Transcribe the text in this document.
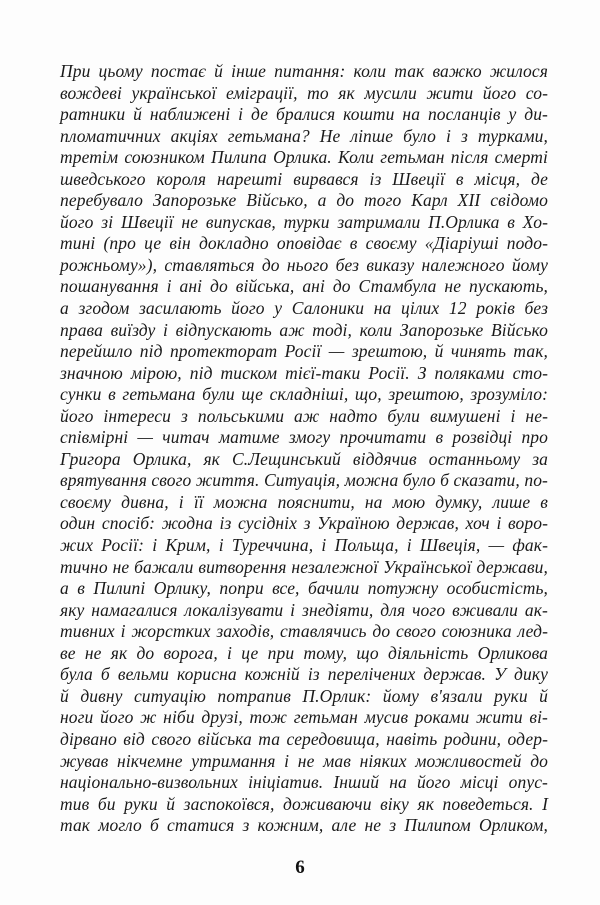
При цьому постає й інше питання: коли так важко жилося
вождеві української еміграції, то як мусили жити його со-
ратники й наближені і де бралися кошти на посланців у ди-
пломатичних акціях гетьмана? Не ліпше було і з турками,
третім союзником Пилипа Орлика. Коли гетьман після смерті
шведського короля нарешті вирвався із Швеції в місця, де
перебувало Запорозьке Військо, а до того Карл XII свідомо
його зі Швеції не випускав, турки затримали П.Орлика в Хо-
тині (про це він докладно оповідає в своєму «Діаріуші подо-
рожньому»), ставляться до нього без виказу належного йому
пошанування і ані до війська, ані до Стамбула не пускають,
а згодом засилають його у Салоники на цілих 12 років без
права виїзду і відпускають аж тоді, коли Запорозьке Військо
перейшло під протекторат Росії — зрештою, й чинять так,
значною мірою, під тиском тієї-таки Росії. З поляками сто-
сунки в гетьмана були ще складніші, що, зрештою, зрозуміло:
його інтереси з польськими аж надто були вимушені і не-
співмірні — читач матиме змогу прочитати в розвідці про
Григора Орлика, як С.Лещинський віддячив останньому за
врятування свого життя. Ситуація, можна було б сказати, по-
своєму дивна, і її можна пояснити, на мою думку, лише в
один спосіб: жодна із сусідніх з Україною держав, хоч і воро-
жих Росії: і Крим, і Туреччина, і Польща, і Швеція, — фак-
тично не бажали витворення незалежної Української держави,
а в Пилипі Орлику, попри все, бачили потужну особистість,
яку намагалися локалізувати і знедіяти, для чого вживали ак-
тивних і жорстких заходів, ставлячись до свого союзника лед-
ве не як до ворога, і це при тому, що діяльність Орликова
була б вельми корисна кожній із перелічених держав. У дику
й дивну ситуацію потрапив П.Орлик: йому в'язали руки й
ноги його ж ніби друзі, тож гетьман мусив роками жити ві-
дірвано від свого війська та середовища, навіть родини, одер-
жував нікчемне утримання і не мав ніяких можливостей до
національно-визвольних ініціатив. Інший на його місці опус-
тив би руки й заспокоївся, доживаючи віку як поведеться. І
так могло б статися з кожним, але не з Пилипом Орликом,
6
